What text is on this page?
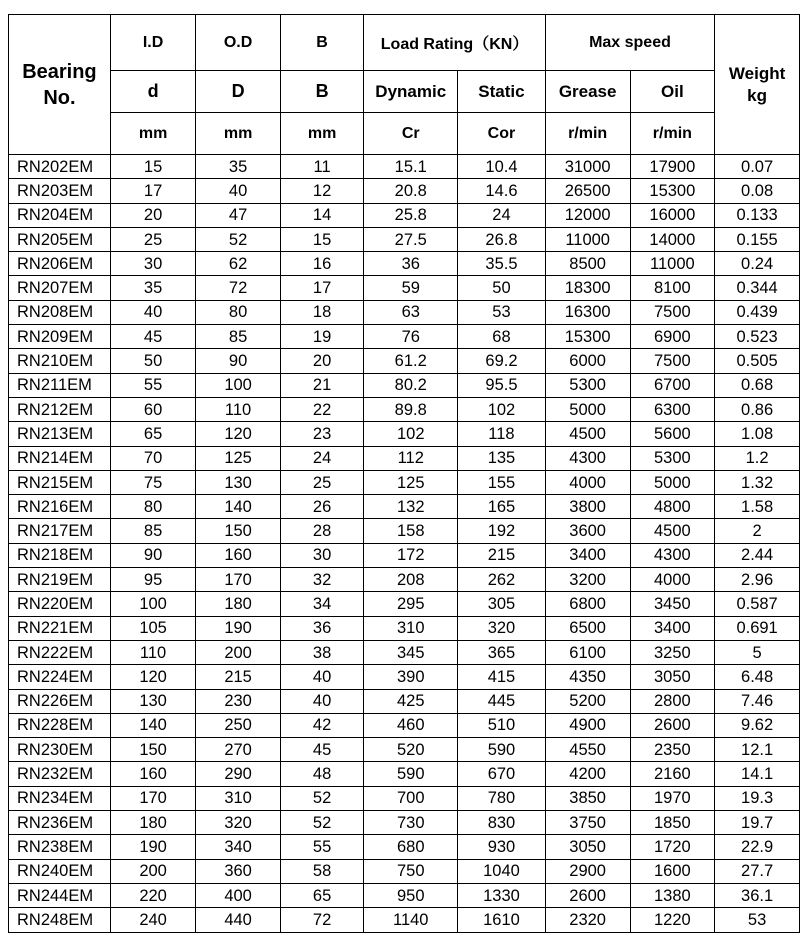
Bearing
No.	I.D	O.D	B	Load Rating（KN）		Max speed		Weight
kg
	d	D	B	Dynamic	Static	Grease	Oil	
	mm	mm	mm	Cr	Cor	r/min	r/min	
RN202EM	15	35	11	15.1	10.4	31000	17900	0.07
RN203EM	17	40	12	20.8	14.6	26500	15300	0.08
RN204EM	20	47	14	25.8	24	12000	16000	0.133
RN205EM	25	52	15	27.5	26.8	11000	14000	0.155
RN206EM	30	62	16	36	35.5	8500	11000	0.24
RN207EM	35	72	17	59	50	18300	8100	0.344
RN208EM	40	80	18	63	53	16300	7500	0.439
RN209EM	45	85	19	76	68	15300	6900	0.523
RN210EM	50	90	20	61.2	69.2	6000	7500	0.505
RN211EM	55	100	21	80.2	95.5	5300	6700	0.68
RN212EM	60	110	22	89.8	102	5000	6300	0.86
RN213EM	65	120	23	102	118	4500	5600	1.08
RN214EM	70	125	24	112	135	4300	5300	1.2
RN215EM	75	130	25	125	155	4000	5000	1.32
RN216EM	80	140	26	132	165	3800	4800	1.58
RN217EM	85	150	28	158	192	3600	4500	2
RN218EM	90	160	30	172	215	3400	4300	2.44
RN219EM	95	170	32	208	262	3200	4000	2.96
RN220EM	100	180	34	295	305	6800	3450	0.587
RN221EM	105	190	36	310	320	6500	3400	0.691
RN222EM	110	200	38	345	365	6100	3250	5
RN224EM	120	215	40	390	415	4350	3050	6.48
RN226EM	130	230	40	425	445	5200	2800	7.46
RN228EM	140	250	42	460	510	4900	2600	9.62
RN230EM	150	270	45	520	590	4550	2350	12.1
RN232EM	160	290	48	590	670	4200	2160	14.1
RN234EM	170	310	52	700	780	3850	1970	19.3
RN236EM	180	320	52	730	830	3750	1850	19.7
RN238EM	190	340	55	680	930	3050	1720	22.9
RN240EM	200	360	58	750	1040	2900	1600	27.7
RN244EM	220	400	65	950	1330	2600	1380	36.1
RN248EM	240	440	72	1140	1610	2320	1220	53
